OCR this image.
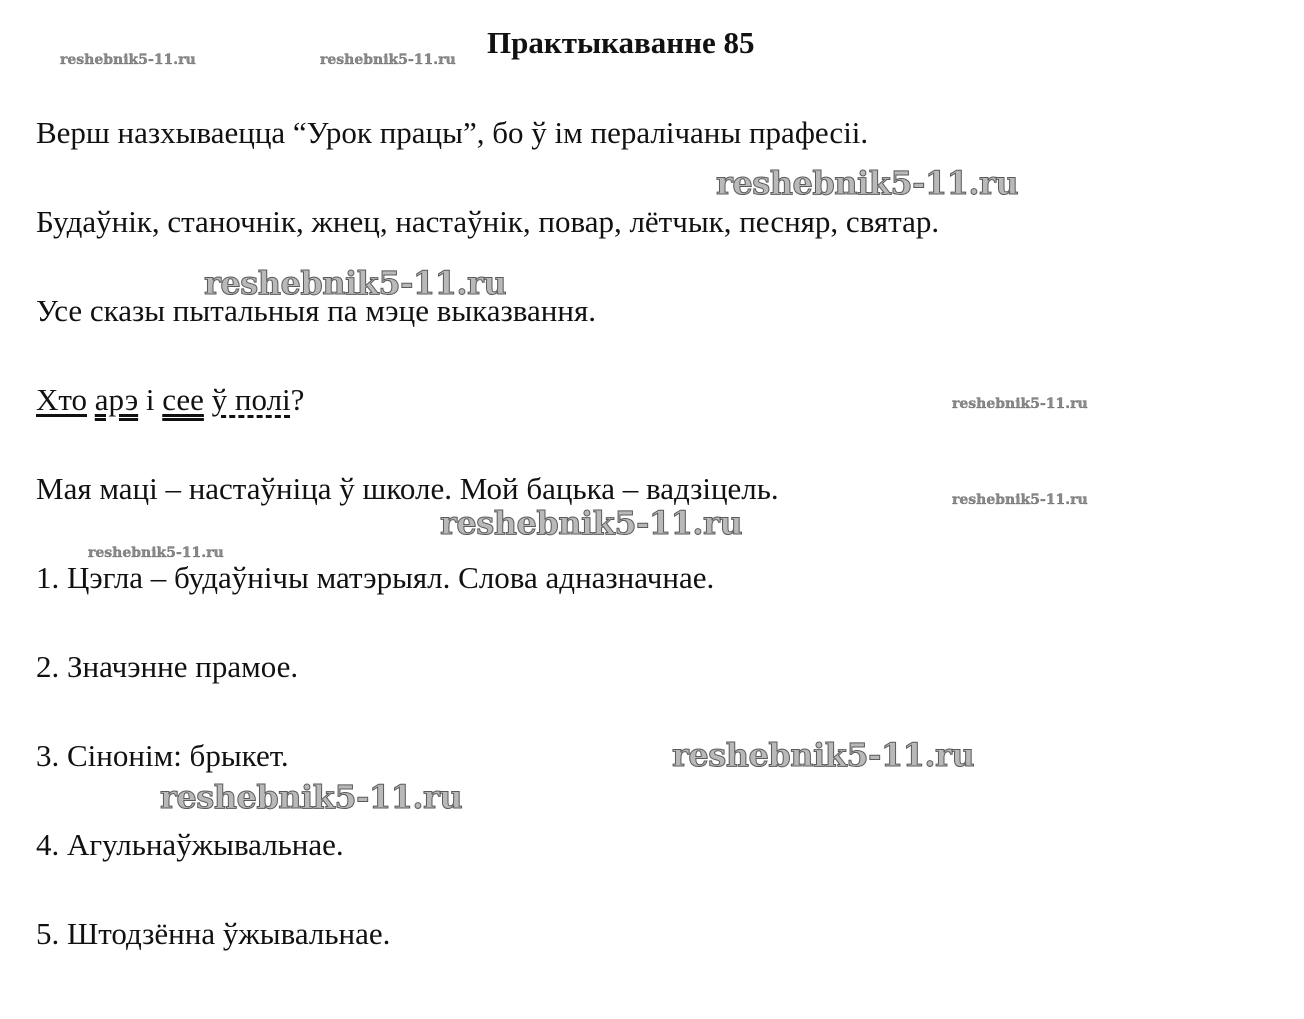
reshebnik5-11.ru	reshebnik5-11.ru
reshebnik5-11.ru
reshebnik5-11.ru
reshebnik5-11.ru
reshebnik5-11.ru
reshebnik5-11.ru
reshebnik5-11.ru
reshebnik5-11.ru
reshebnik5-11.ru
Практыкаванне 85
Верш назхываецца “Урок працы”, бо ў ім пералічаны прафесіі.
Будаўнік, станочнік, жнец, настаўнік, повар, лётчык, песняр, святар.
Усе сказы пытальныя па мэце выказвання.
Хто арэ і сее ў полі?
Мая маці – настаўніца ў школе. Мой бацька – вадзіцель.
1. Цэгла – будаўнічы матэрыял. Слова адназначнае.
2. Значэнне прамое.
3. Сінонім: брыкет.
4. Агульнаўжывальнае.
5. Штодзённа ўжывальнае.
